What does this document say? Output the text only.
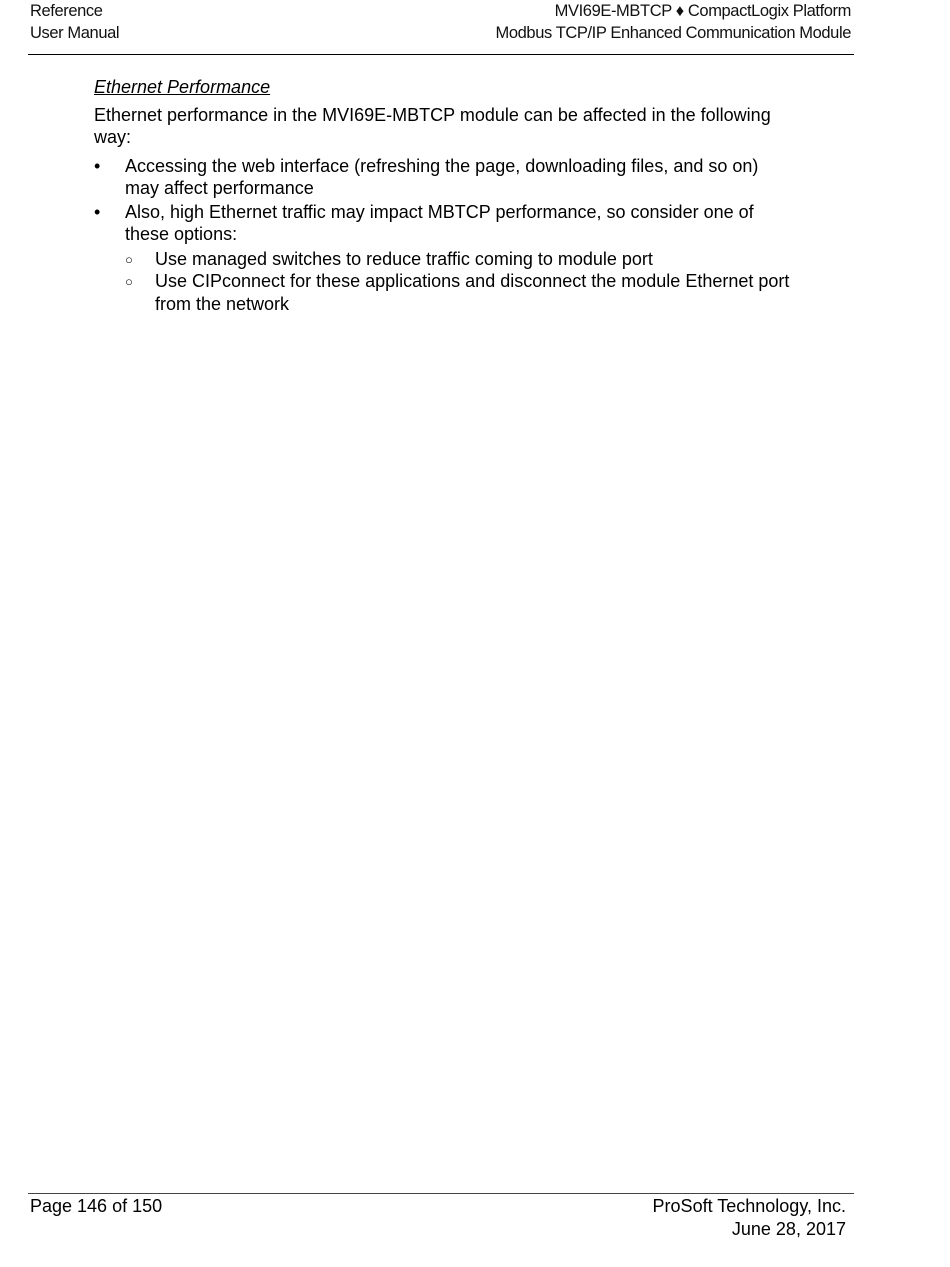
Reference
User Manual
MVI69E-MBTCP ♦ CompactLogix Platform
Modbus TCP/IP Enhanced Communication Module
Ethernet Performance
Ethernet performance in the MVI69E-MBTCP module can be affected in the following way:
•	Accessing the web interface (refreshing the page, downloading files, and so on) may affect performance
•	Also, high Ethernet traffic may impact MBTCP performance, so consider one of these options:
○ Use managed switches to reduce traffic coming to module port
○ Use CIPconnect for these applications and disconnect the module Ethernet port from the network
Page 146 of 150	ProSoft Technology, Inc.
June 28, 2017
